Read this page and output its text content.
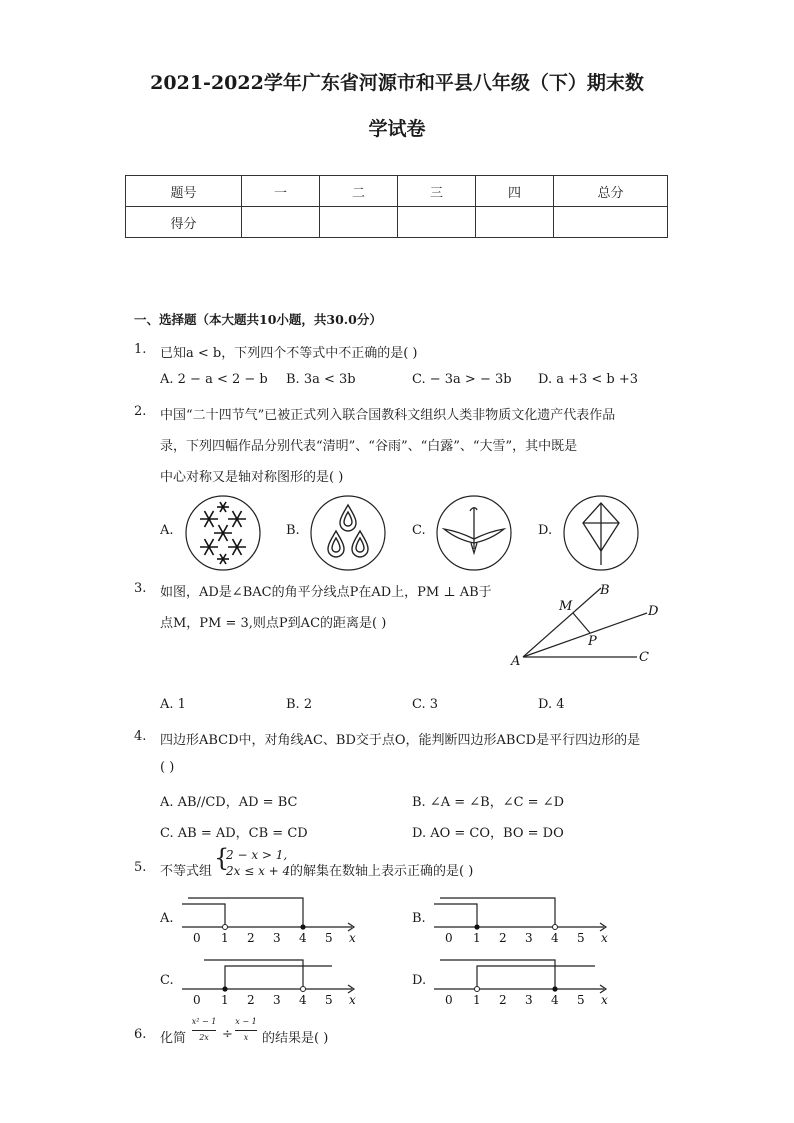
2021-2022学年广东省河源市和平县八年级（下）期末数
学试卷
题号	一	二	三	四	总分
得分					
一、选择题（本大题共10小题，共30.0分）
1. 已知a < b，下列四个不等式中不正确的是( )
A. 2 − a < 2 − b B. 3a < 3b	C. − 3a > − 3b D. a +3 < b +3
2. 中国“二十四节气”已被正式列入联合国教科文组织人类非物质文化遗产代表作品
录，下列四幅作品分别代表“清明”、“谷雨”、“白露”、“大雪”，其中既是
中心对称又是轴对称图形的是( )
A.	B.	C.	D.
3. 如图，AD是∠BAC的角平分线点P在AD上，PM ⊥ AB于
点M，PM = 3,则点P到AC的距离是( )
A
B
C
D
M
P
A. 1	B. 2	C. 3	D. 4
4. 四边形ABCD中，对角线AC、BD交于点O，能判断四边形ABCD是平行四边形的是
( )
A. AB//CD，AD = BC	B. ∠A = ∠B，∠C = ∠D
C. AB = AD，CB = CD	D. AO = CO，BO = DO
5. 不等式组 {
2 − x > 1,
2x ≤ x + 4 的解集在数轴上表示正确的是( )
A.
0 1 2 3 4 5 x
B.
0 1 2 3 4 5 x
C.
0 1 2 3 4 5 x
D.
0 1 2 3 4 5 x
6. 化简
x² − 1
2x	÷
x − 1
x	的结果是( )
